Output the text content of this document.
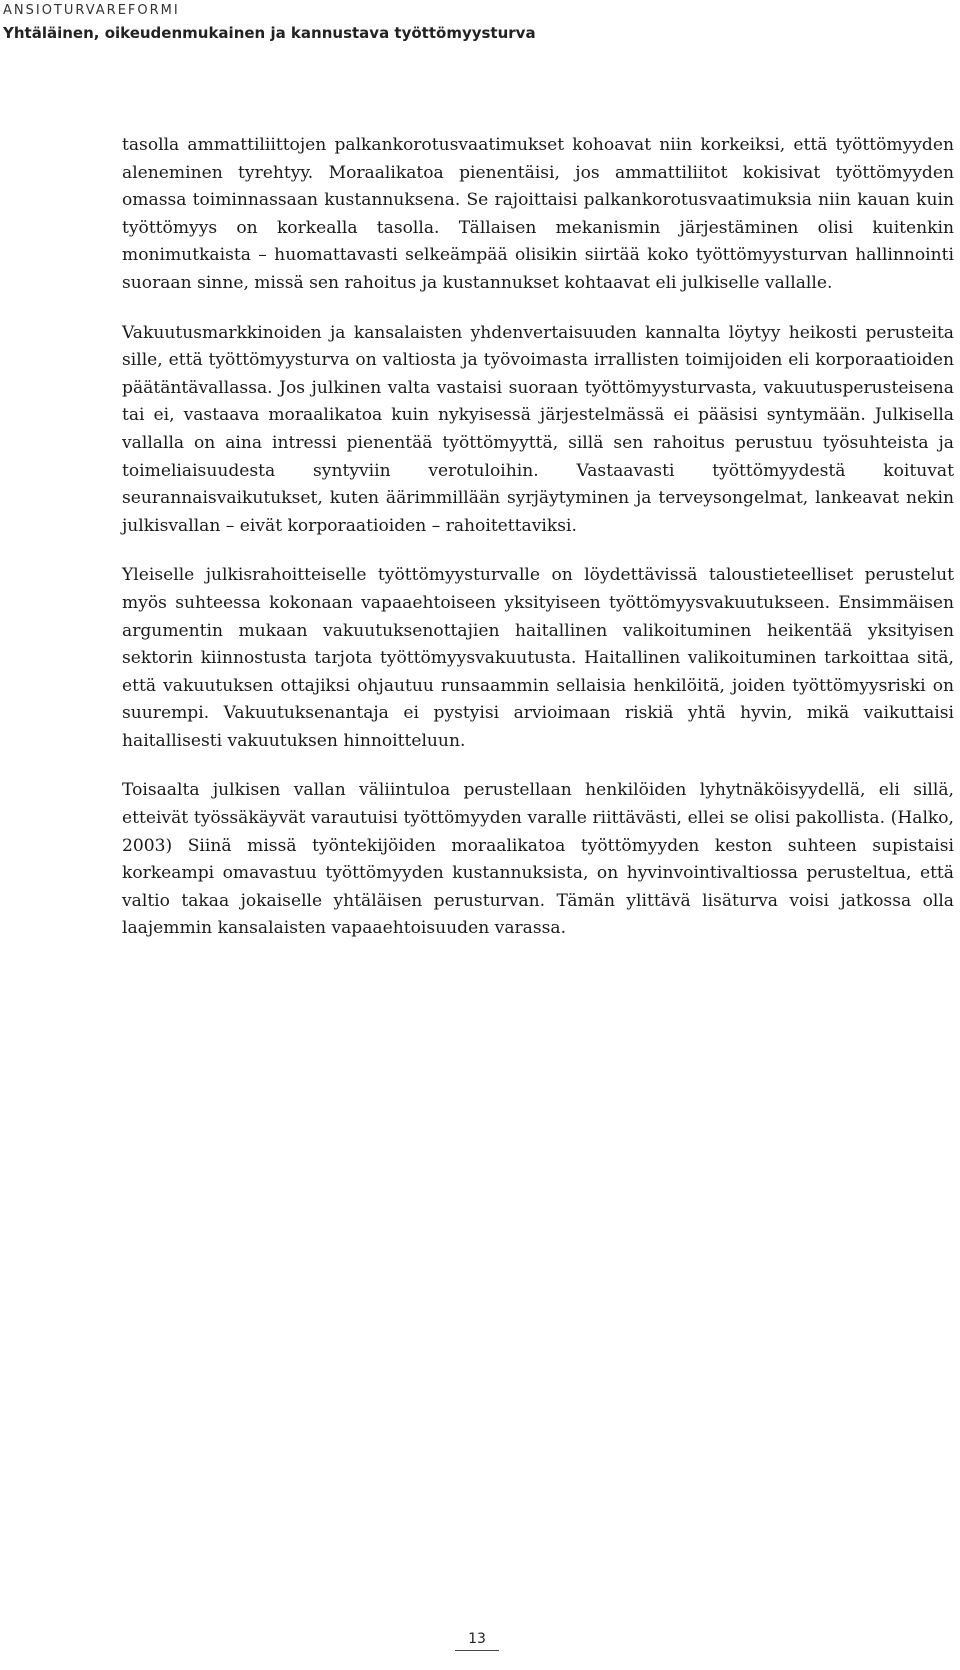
ANSIOTURVAREFORMI
Yhtäläinen, oikeudenmukainen ja kannustava työttömyysturva

tasolla ammattiliittojen palkankorotusvaatimukset kohoavat niin korkeiksi, että työttömyyden aleneminen tyrehtyy. Moraalikatoa pienentäisi, jos ammattiliitot kokisivat työttömyyden omassa toiminnassaan kustannuksena. Se rajoittaisi palkankorotusvaatimuksia niin kauan kuin työttömyys on korkealla tasolla. Tällaisen mekanismin järjestäminen olisi kuitenkin monimutkaista – huomattavasti selkeämpää olisikin siirtää koko työttömyysturvan hallinnointi suoraan sinne, missä sen rahoitus ja kustannukset kohtaavat eli julkiselle vallalle.

Vakuutusmarkkinoiden ja kansalaisten yhdenvertaisuuden kannalta löytyy heikosti perusteita sille, että työttömyysturva on valtiosta ja työvoimasta irrallisten toimijoiden eli korporaatioiden päätäntävallassa. Jos julkinen valta vastaisi suoraan työttömyysturvasta, vakuutusperusteisena tai ei, vastaava moraalikatoa kuin nykyisessä järjestelmässä ei pääsisi syntymään. Julkisella vallalla on aina intressi pienentää työttömyyttä, sillä sen rahoitus perustuu työsuhteista ja toimeliaisuudesta syntyviin verotuloihin. Vastaavasti työttömyydestä koituvat seurannaisvaikutukset, kuten äärimmillään syrjäytyminen ja terveysongelmat, lankeavat nekin julkisvallan – eivät korporaatioiden – rahoitettaviksi.

Yleiselle julkisrahoitteiselle työttömyysturvalle on löydettävissä taloustieteelliset perustelut myös suhteessa kokonaan vapaaehtoiseen yksityiseen työttömyysvakuutukseen. Ensimmäisen argumentin mukaan vakuutuksenottajien haitallinen valikoituminen heikentää yksityisen sektorin kiinnostusta tarjota työttömyysvakuutusta. Haitallinen valikoituminen tarkoittaa sitä, että vakuutuksen ottajiksi ohjautuu runsaammin sellaisia henkilöitä, joiden työttömyysriski on suurempi. Vakuutuksenantaja ei pystyisi arvioimaan riskiä yhtä hyvin, mikä vaikuttaisi haitallisesti vakuutuksen hinnoitteluun.

Toisaalta julkisen vallan väliintuloa perustellaan henkilöiden lyhytnäköisyydellä, eli sillä, etteivät työssäkäyvät varautuisi työttömyyden varalle riittävästi, ellei se olisi pakollista. (Halko, 2003) Siinä missä työntekijöiden moraalikatoa työttömyyden keston suhteen supistaisi korkeampi omavastuu työttömyyden kustannuksista, on hyvinvointivaltiossa perusteltua, että valtio takaa jokaiselle yhtäläisen perusturvan. Tämän ylittävä lisäturva voisi jatkossa olla laajemmin kansalaisten vapaaehtoisuuden varassa.

13
